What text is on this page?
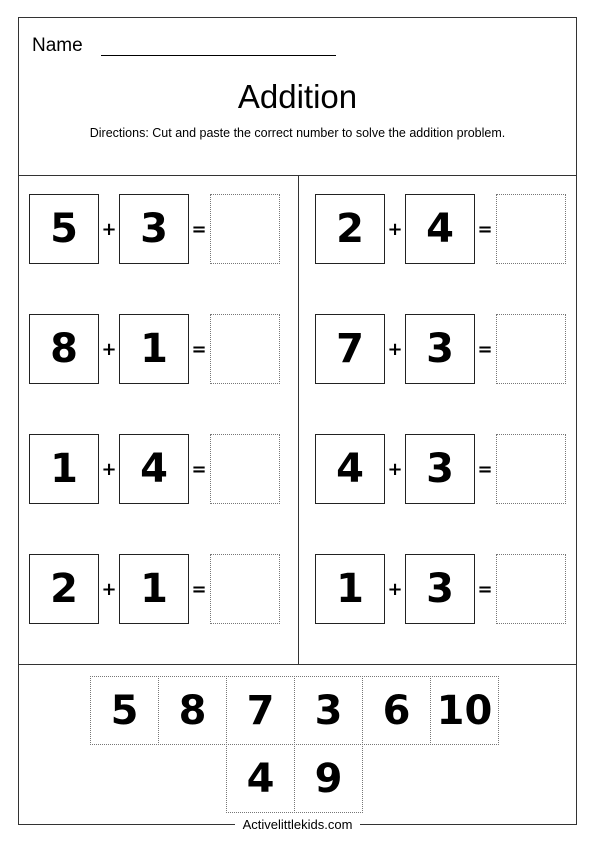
Name
Addition
Directions: Cut and paste the correct number to solve the addition problem.
5	+ 3	=	2	+ 4	=
8	+ 1	=	7	+ 3	=
1	+ 4	=	4	+ 3	=
2	+ 1	=	1	+ 3	=
5	8	7	3	6 10
4	9
Activelittlekids.com
